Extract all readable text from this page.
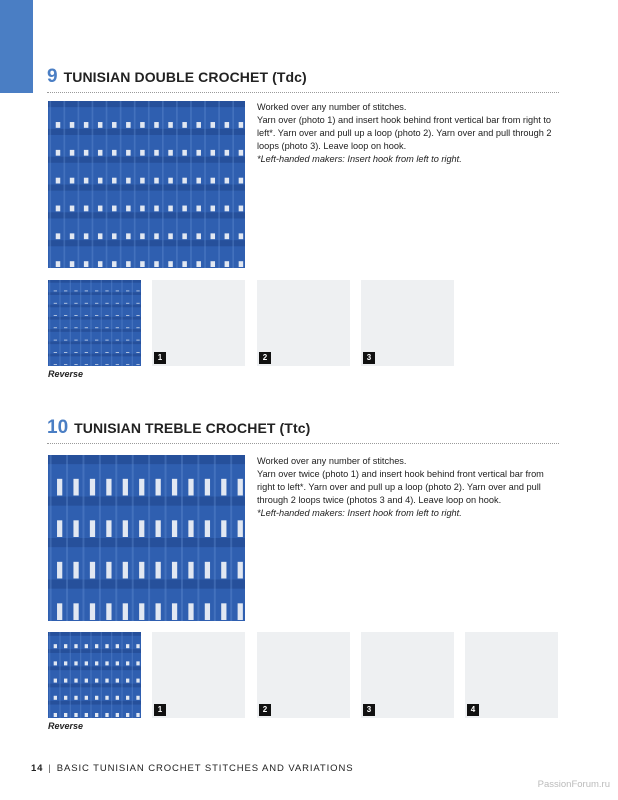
9 TUNISIAN DOUBLE CROCHET (Tdc)

Worked over any number of stitches.

Yarn over (photo 1) and insert hook behind front vertical bar from right to left*. Yarn over and pull up a loop (photo 2). Yarn over and pull through 2 loops (photo 3). Leave loop on hook.

*Left-handed makers: Insert hook from left to right.

Reverse
1	2	3
10 TUNISIAN TREBLE CROCHET (Ttc)

Worked over any number of stitches.

Yarn over twice (photo 1) and insert hook behind front vertical bar from right to left*. Yarn over and pull up a loop (photo 2). Yarn over and pull through 2 loops twice (photos 3 and 4). Leave loop on hook.

*Left-handed makers: Insert hook from left to right.

Reverse
1	2	3	4
14 | BASIC TUNISIAN CROCHET STITCHES AND VARIATIONS
PassionForum.ru
